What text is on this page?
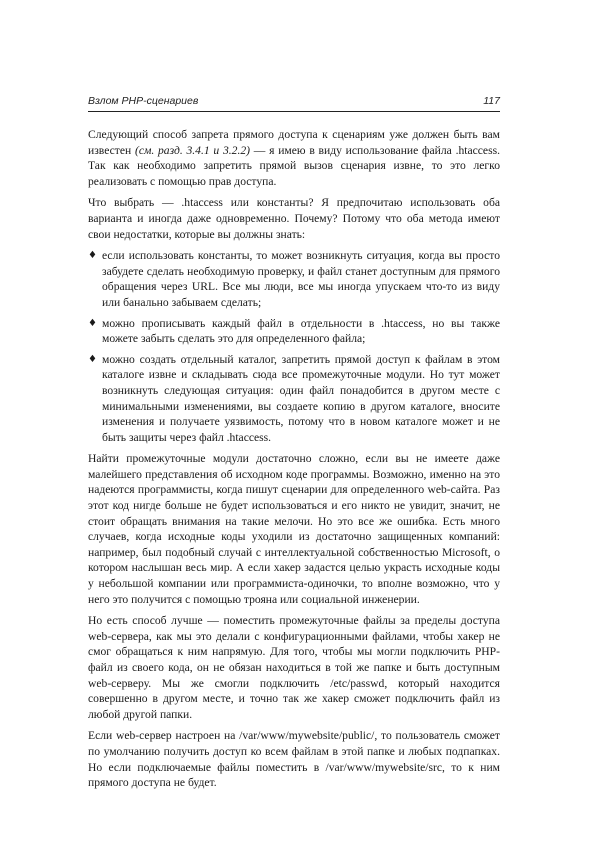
Взлом PHP-сценариев	117

Следующий способ запрета прямого доступа к сценариям уже должен быть вам известен (см. разд. 3.4.1 и 3.2.2) — я имею в виду использование файла .htaccess. Так как необходимо запретить прямой вызов сценария извне, то это легко реализовать с помощью прав доступа.

Что выбрать — .htaccess или константы? Я предпочитаю использовать оба варианта и иногда даже одновременно. Почему? Потому что оба метода имеют свои недостатки, которые вы должны знать:

♦ если использовать константы, то может возникнуть ситуация, когда вы просто забудете сделать необходимую проверку, и файл станет доступным для прямого обращения через URL. Все мы люди, все мы иногда упускаем что-то из виду или банально забываем сделать;
♦ можно прописывать каждый файл в отдельности в .htaccess, но вы также можете забыть сделать это для определенного файла;
♦ можно создать отдельный каталог, запретить прямой доступ к файлам в этом каталоге извне и складывать сюда все промежуточные модули. Но тут может возникнуть следующая ситуация: один файл понадобится в другом месте с минимальными изменениями, вы создаете копию в другом каталоге, вносите изменения и получаете уязвимость, потому что в новом каталоге может и не быть защиты через файл .htaccess.

Найти промежуточные модули достаточно сложно, если вы не имеете даже малейшего представления об исходном коде программы. Возможно, именно на это надеются программисты, когда пишут сценарии для определенного web-сайта. Раз этот код нигде больше не будет использоваться и его никто не увидит, значит, не стоит обращать внимания на такие мелочи. Но это все же ошибка. Есть много случаев, когда исходные коды уходили из достаточно защищенных компаний: например, был подобный случай с интеллектуальной собственностью Microsoft, о котором наслышан весь мир. А если хакер задастся целью украсть исходные коды у небольшой компании или программиста-одиночки, то вполне возможно, что у него это получится с помощью трояна или социальной инженерии.

Но есть способ лучше — поместить промежуточные файлы за пределы доступа web-сервера, как мы это делали с конфигурационными файлами, чтобы хакер не смог обращаться к ним напрямую. Для того, чтобы мы могли подключить PHP-файл из своего кода, он не обязан находиться в той же папке и быть доступным web-серверу. Мы же смогли подключить /etc/passwd, который находится совершенно в другом месте, и точно так же хакер сможет подключить файл из любой другой папки.

Если web-сервер настроен на /var/www/mywebsite/public/, то пользователь сможет по умолчанию получить доступ ко всем файлам в этой папке и любых подпапках. Но если подключаемые файлы поместить в /var/www/mywebsite/src, то к ним прямого доступа не будет.
